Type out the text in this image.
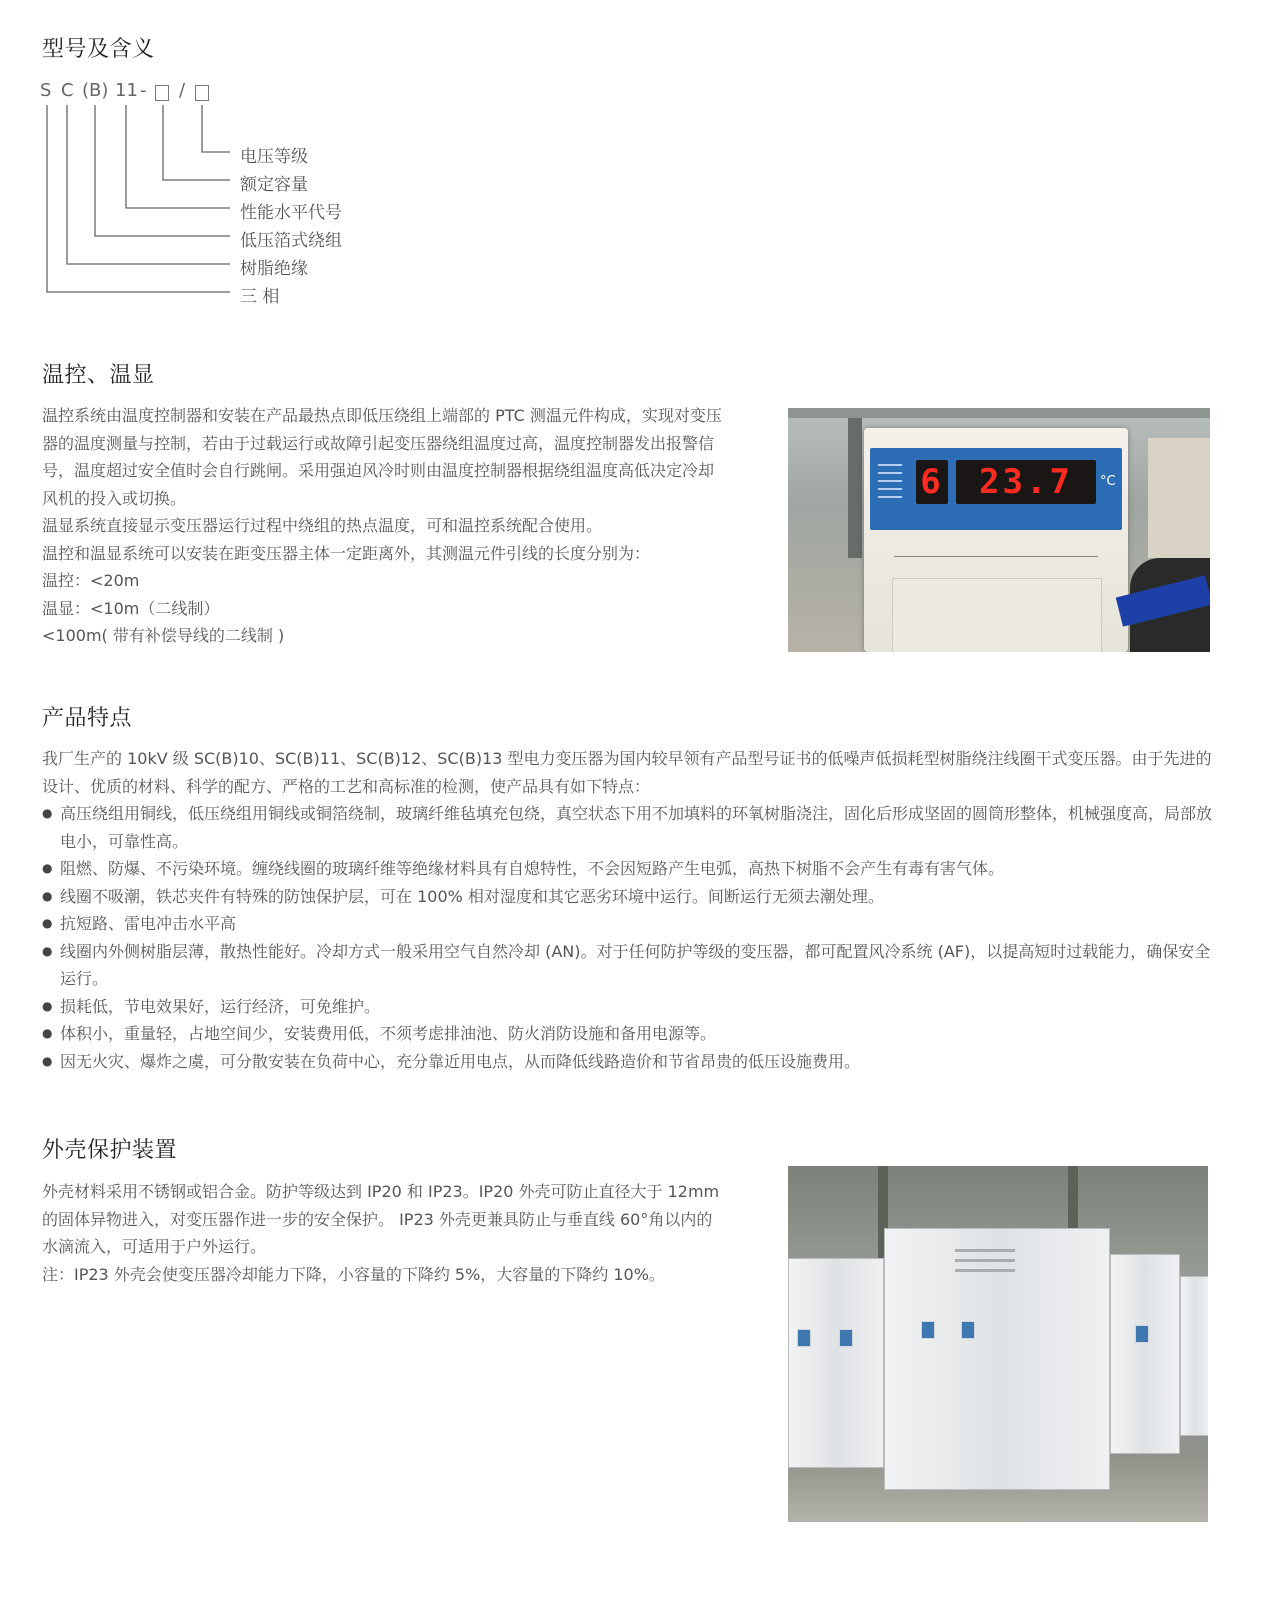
型号及含义
S C (B) 11 - /
电压等级
额定容量
性能水平代号
低压箔式绕组
树脂绝缘
三 相
温控、温显

温控系统由温度控制器和安装在产品最热点即低压绕组上端部的 PTC 测温元件构成，实现对变压

器的温度测量与控制，若由于过载运行或故障引起变压器绕组温度过高，温度控制器发出报警信

号，温度超过安全值时会自行跳闸。采用强迫风冷时则由温度控制器根据绕组温度高低决定冷却

风机的投入或切换。

温显系统直接显示变压器运行过程中绕组的热点温度，可和温控系统配合使用。

温控和温显系统可以安装在距变压器主体一定距离外，其测温元件引线的长度分别为：

温控：<20m

温显：<10m（二线制）

<100m( 带有补偿导线的二线制 )

6	23.7	°C
产品特点

我厂生产的 10kV 级 SC(B)10、SC(B)11、SC(B)12、SC(B)13 型电力变压器为国内较早领有产品型号证书的低噪声低损耗型树脂绕注线圈干式变压器。由于先进的设计、优质的材料、科学的配方、严格的工艺和高标准的检测，使产品具有如下特点：

● 高压绕组用铜线，低压绕组用铜线或铜箔绕制，玻璃纤维毡填充包绕，真空状态下用不加填料的环氧树脂浇注，固化后形成坚固的圆筒形整体，机械强度高，局部放电小，可靠性高。
● 阻燃、防爆、不污染环境。缠绕线圈的玻璃纤维等绝缘材料具有自熄特性，不会因短路产生电弧，高热下树脂不会产生有毒有害气体。
● 线圈不吸潮，铁芯夹件有特殊的防蚀保护层，可在 100% 相对湿度和其它恶劣环境中运行。间断运行无须去潮处理。
● 抗短路、雷电冲击水平高
● 线圈内外侧树脂层薄，散热性能好。冷却方式一般采用空气自然冷却 (AN)。对于任何防护等级的变压器，都可配置风冷系统 (AF)，以提高短时过载能力，确保安全运行。
● 损耗低，节电效果好，运行经济，可免维护。
● 体积小，重量轻，占地空间少，安装费用低，不须考虑排油池、防火消防设施和备用电源等。
● 因无火灾、爆炸之虞，可分散安装在负荷中心，充分靠近用电点，从而降低线路造价和节省昂贵的低压设施费用。
外壳保护装置

外壳材料采用不锈钢或铝合金。防护等级达到 IP20 和 IP23。IP20 外壳可防止直径大于 12mm

的固体异物进入，对变压器作进一步的安全保护。 IP23 外壳更兼具防止与垂直线 60°角以内的

水滴流入，可适用于户外运行。

注：IP23 外壳会使变压器冷却能力下降，小容量的下降约 5%，大容量的下降约 10%。
